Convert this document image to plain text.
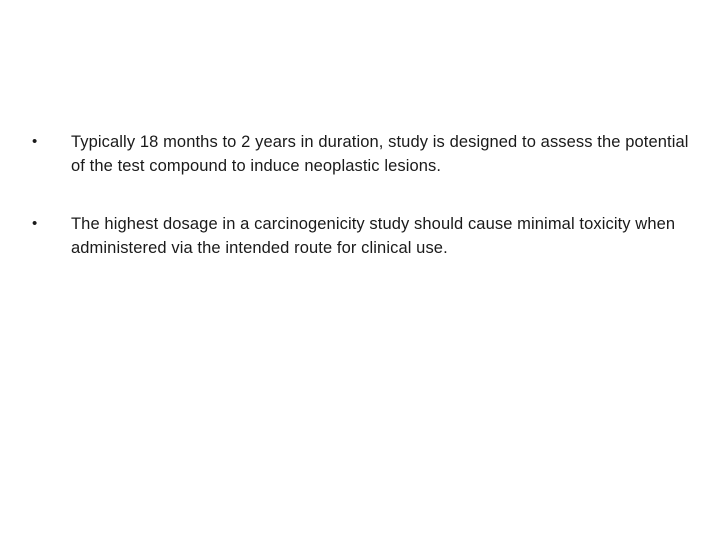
• Typically 18 months to 2 years in duration, study is designed to assess the potential of the test compound to induce neoplastic lesions.
• The highest dosage in a carcinogenicity study should cause minimal toxicity when administered via the intended route for clinical use.
